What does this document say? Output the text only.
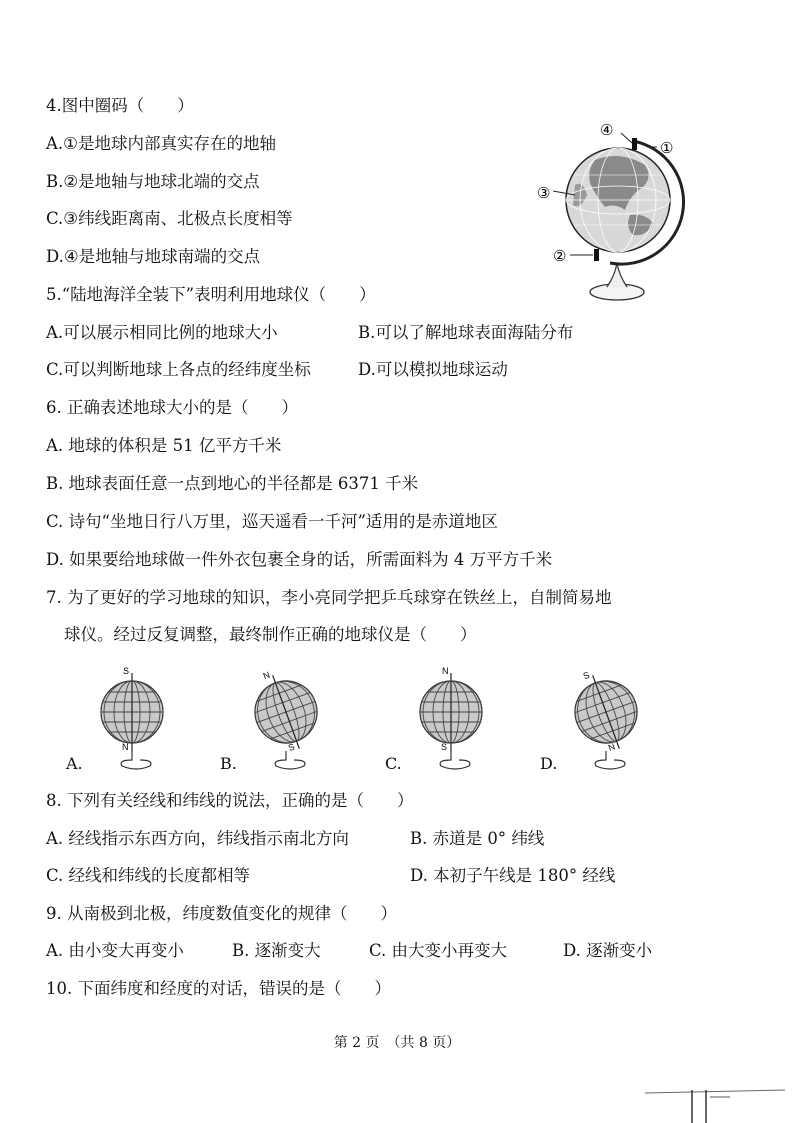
4.图中圈码（　　）
A.①是地球内部真实存在的地轴
B.②是地轴与地球北端的交点
C.③纬线距离南、北极点长度相等
D.④是地轴与地球南端的交点
④
①
③
②
5.“陆地海洋全装下”表明利用地球仪（　　）
A.可以展示相同比例的地球大小	B.可以了解地球表面海陆分布
C.可以判断地球上各点的经纬度坐标	D.可以模拟地球运动
6. 正确表述地球大小的是（　　）
A. 地球的体积是 51 亿平方千米
B. 地球表面任意一点到地心的半径都是 6371 千米
C. 诗句“坐地日行八万里，巡天遥看一千河”适用的是赤道地区
D. 如果要给地球做一件外衣包裹全身的话，所需面料为 4 万平方千米
7. 为了更好的学习地球的知识，李小亮同学把乒乓球穿在铁丝上，自制简易地
球仪。经过反复调整，最终制作正确的地球仪是（　　）
S
N
A.
N
S
B.
N
S
C.
S
N
D.
8. 下列有关经线和纬线的说法，正确的是（　　）
A. 经线指示东西方向，纬线指示南北方向	B. 赤道是 0° 纬线
C. 经线和纬线的长度都相等	D. 本初子午线是 180° 经线
9. 从南极到北极，纬度数值变化的规律（　　）
A. 由小变大再变小	B. 逐渐变大	C. 由大变小再变大	D. 逐渐变小
10. 下面纬度和经度的对话，错误的是（　　）
第 2 页　（共 8 页）
